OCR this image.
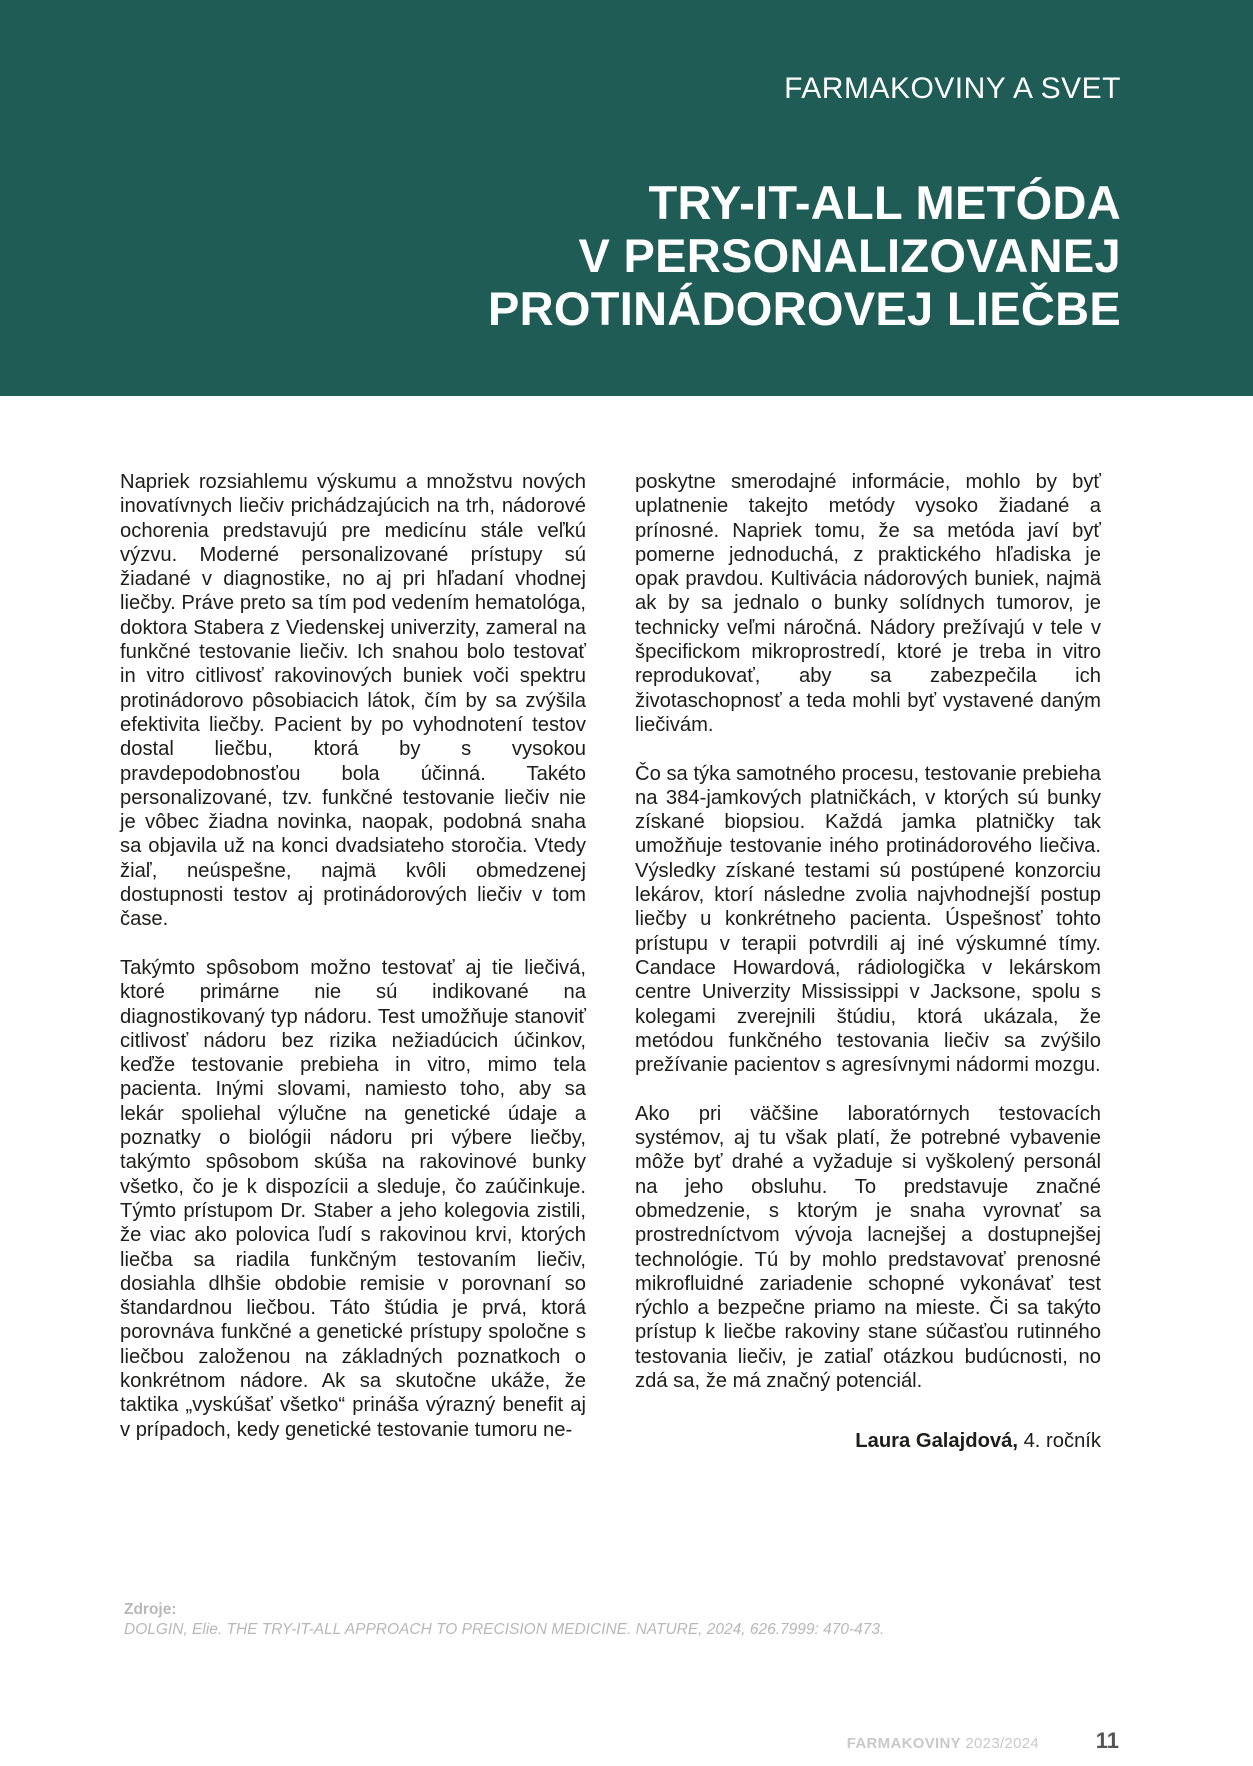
FARMAKOVINY A SVET
TRY-IT-ALL METÓDA
V PERSONALIZOVANEJ
PROTINÁDOROVEJ LIEČBE

Napriek rozsiahlemu výskumu a množstvu nových inovatívnych liečiv prichádzajúcich na trh, nádorové ochorenia predstavujú pre medicínu stále veľkú výzvu. Moderné personalizované prístupy sú žiadané v diagnostike, no aj pri hľadaní vhodnej liečby. Práve preto sa tím pod vedením hematológa, doktora Stabera z Viedenskej univerzity, zameral na funkčné testovanie liečiv. Ich snahou bolo testovať in vitro citlivosť rakovinových buniek voči spektru protinádorovo pôsobiacich látok, čím by sa zvýšila efektivita liečby. Pacient by po vyhodnotení testov dostal liečbu, ktorá by s vysokou pravdepodobnosťou bola účinná. Takéto personalizované, tzv. funkčné testovanie liečiv nie je vôbec žiadna novinka, naopak, podobná snaha sa objavila už na konci dvadsiateho storočia. Vtedy žiaľ, neúspešne, najmä kvôli obmedzenej dostupnosti testov aj protinádorových liečiv v tom čase.

Takýmto spôsobom možno testovať aj tie liečivá, ktoré primárne nie sú indikované na diagnostikovaný typ nádoru. Test umožňuje stanoviť citlivosť nádoru bez rizika nežiadúcich účinkov, keďže testovanie prebieha in vitro, mimo tela pacienta. Inými slovami, namiesto toho, aby sa lekár spoliehal výlučne na genetické údaje a poznatky o biológii nádoru pri výbere liečby, takýmto spôsobom skúša na rakovinové bunky všetko, čo je k dispozícii a sleduje, čo zaúčinkuje. Týmto prístupom Dr. Staber a jeho kolegovia zistili, že viac ako polovica ľudí s rakovinou krvi, ktorých liečba sa riadila funkčným testovaním liečiv, dosiahla dlhšie obdobie remisie v porovnaní so štandardnou liečbou. Táto štúdia je prvá, ktorá porovnáva funkčné a genetické prístupy spoločne s liečbou založenou na základných poznatkoch o konkrétnom nádore. Ak sa skutočne ukáže, že taktika „vyskúšať všetko“ prináša výrazný benefit aj v prípadoch, kedy genetické testovanie tumoru ne-

poskytne smerodajné informácie, mohlo by byť uplatnenie takejto metódy vysoko žiadané a prínosné. Napriek tomu, že sa metóda javí byť pomerne jednoduchá, z praktického hľadiska je opak pravdou. Kultivácia nádorových buniek, najmä ak by sa jednalo o bunky solídnych tumorov, je technicky veľmi náročná. Nádory prežívajú v tele v špecifickom mikroprostredí, ktoré je treba in vitro reprodukovať, aby sa zabezpečila ich životaschopnosť a teda mohli byť vystavené daným liečivám.

Čo sa týka samotného procesu, testovanie prebieha na 384-jamkových platničkách, v ktorých sú bunky získané biopsiou. Každá jamka platničky tak umožňuje testovanie iného protinádorového liečiva. Výsledky získané testami sú postúpené konzorciu lekárov, ktorí následne zvolia najvhodnejší postup liečby u konkrétneho pacienta. Úspešnosť tohto prístupu v terapii potvrdili aj iné výskumné tímy. Candace Howardová, rádiologička v lekárskom centre Univerzity Mississippi v Jacksone, spolu s kolegami zverejnili štúdiu, ktorá ukázala, že metódou funkčného testovania liečiv sa zvýšilo prežívanie pacientov s agresívnymi nádormi mozgu.

Ako pri väčšine laboratórnych testovacích systémov, aj tu však platí, že potrebné vybavenie môže byť drahé a vyžaduje si vyškolený personál na jeho obsluhu. To predstavuje značné obmedzenie, s ktorým je snaha vyrovnať sa prostredníctvom vývoja lacnejšej a dostupnejšej technológie. Tú by mohlo predstavovať prenosné mikrofluidné zariadenie schopné vykonávať test rýchlo a bezpečne priamo na mieste. Či sa takýto prístup k liečbe rakoviny stane súčasťou rutinného testovania liečiv, je zatiaľ otázkou budúcnosti, no zdá sa, že má značný potenciál.

Laura Galajdová, 4. ročník
Zdroje:
DOLGIN, Elie. THE TRY-IT-ALL APPROACH TO PRECISION MEDICINE. NATURE, 2024, 626.7999: 470-473.
FARMAKOVINY 2023/2024	11
